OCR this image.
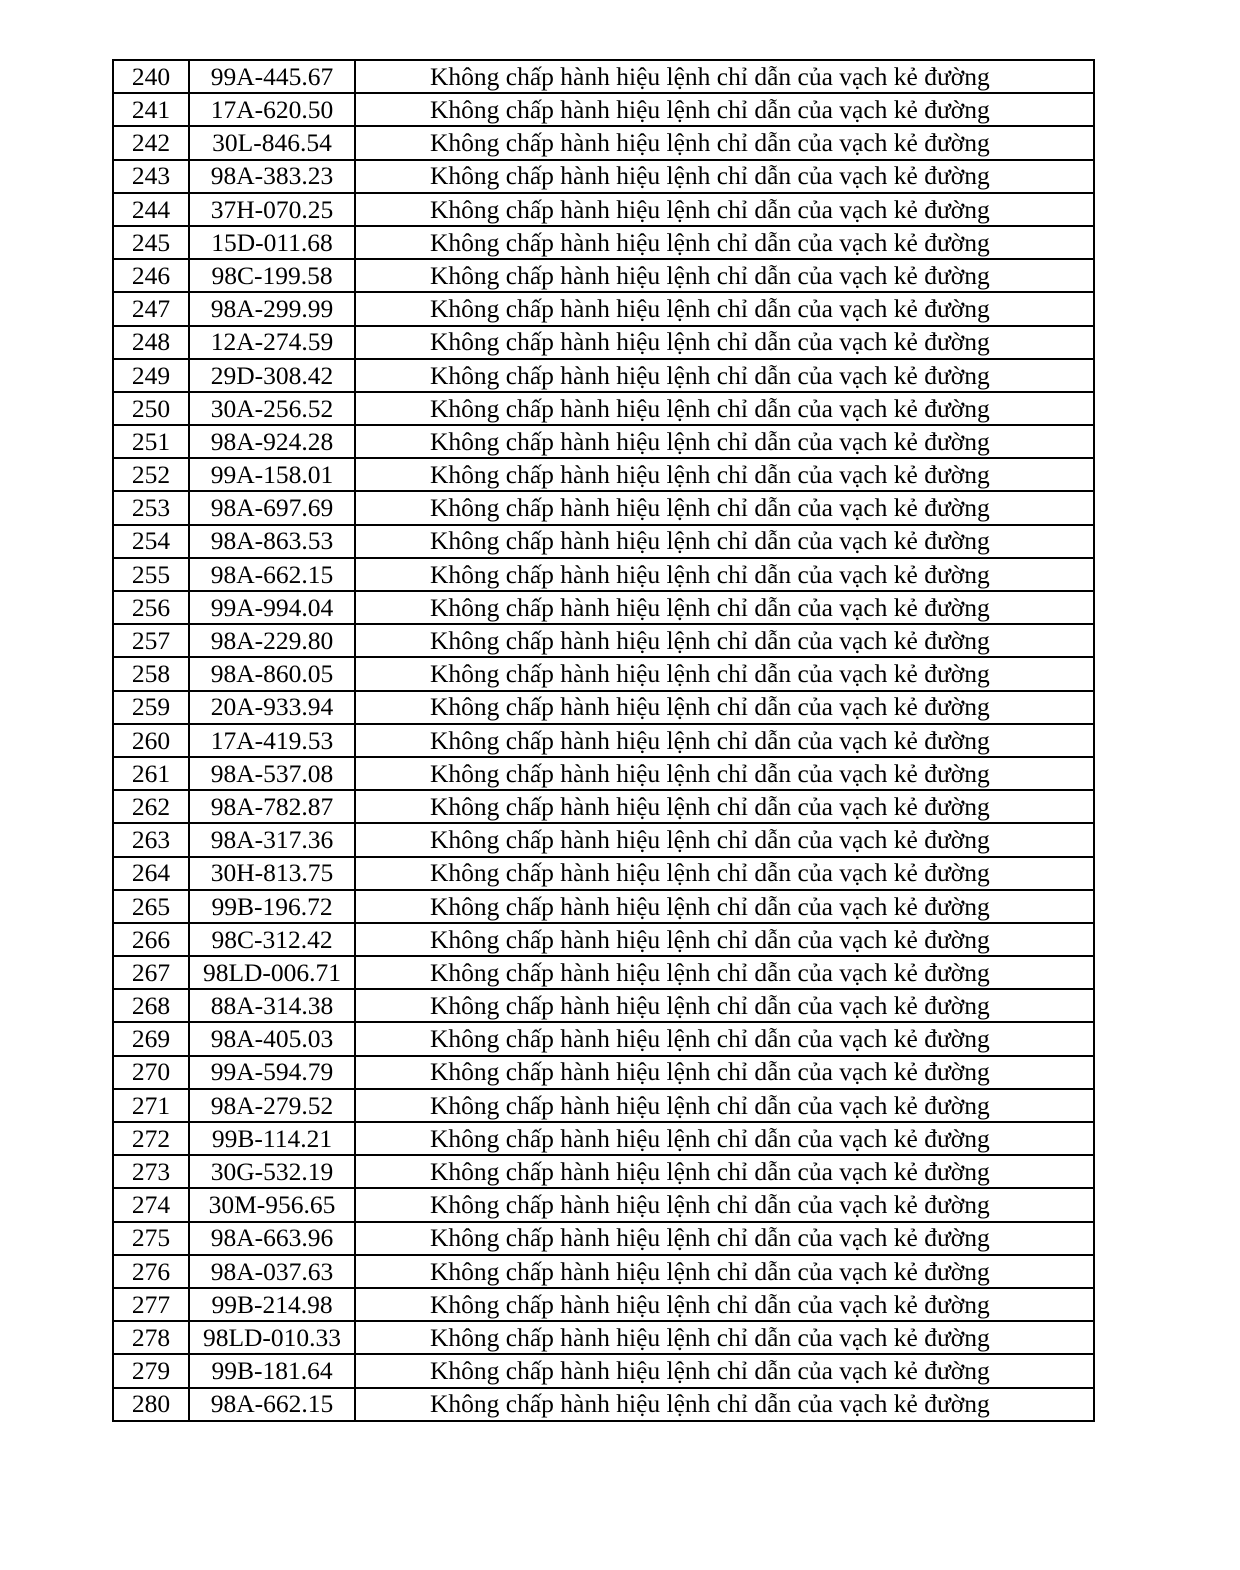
240	99A-445.67	Không chấp hành hiệu lệnh chỉ dẫn của vạch kẻ đường
241	17A-620.50	Không chấp hành hiệu lệnh chỉ dẫn của vạch kẻ đường
242	30L-846.54	Không chấp hành hiệu lệnh chỉ dẫn của vạch kẻ đường
243	98A-383.23	Không chấp hành hiệu lệnh chỉ dẫn của vạch kẻ đường
244	37H-070.25	Không chấp hành hiệu lệnh chỉ dẫn của vạch kẻ đường
245	15D-011.68	Không chấp hành hiệu lệnh chỉ dẫn của vạch kẻ đường
246	98C-199.58	Không chấp hành hiệu lệnh chỉ dẫn của vạch kẻ đường
247	98A-299.99	Không chấp hành hiệu lệnh chỉ dẫn của vạch kẻ đường
248	12A-274.59	Không chấp hành hiệu lệnh chỉ dẫn của vạch kẻ đường
249	29D-308.42	Không chấp hành hiệu lệnh chỉ dẫn của vạch kẻ đường
250	30A-256.52	Không chấp hành hiệu lệnh chỉ dẫn của vạch kẻ đường
251	98A-924.28	Không chấp hành hiệu lệnh chỉ dẫn của vạch kẻ đường
252	99A-158.01	Không chấp hành hiệu lệnh chỉ dẫn của vạch kẻ đường
253	98A-697.69	Không chấp hành hiệu lệnh chỉ dẫn của vạch kẻ đường
254	98A-863.53	Không chấp hành hiệu lệnh chỉ dẫn của vạch kẻ đường
255	98A-662.15	Không chấp hành hiệu lệnh chỉ dẫn của vạch kẻ đường
256	99A-994.04	Không chấp hành hiệu lệnh chỉ dẫn của vạch kẻ đường
257	98A-229.80	Không chấp hành hiệu lệnh chỉ dẫn của vạch kẻ đường
258	98A-860.05	Không chấp hành hiệu lệnh chỉ dẫn của vạch kẻ đường
259	20A-933.94	Không chấp hành hiệu lệnh chỉ dẫn của vạch kẻ đường
260	17A-419.53	Không chấp hành hiệu lệnh chỉ dẫn của vạch kẻ đường
261	98A-537.08	Không chấp hành hiệu lệnh chỉ dẫn của vạch kẻ đường
262	98A-782.87	Không chấp hành hiệu lệnh chỉ dẫn của vạch kẻ đường
263	98A-317.36	Không chấp hành hiệu lệnh chỉ dẫn của vạch kẻ đường
264	30H-813.75	Không chấp hành hiệu lệnh chỉ dẫn của vạch kẻ đường
265	99B-196.72	Không chấp hành hiệu lệnh chỉ dẫn của vạch kẻ đường
266	98C-312.42	Không chấp hành hiệu lệnh chỉ dẫn của vạch kẻ đường
267	98LD-006.71	Không chấp hành hiệu lệnh chỉ dẫn của vạch kẻ đường
268	88A-314.38	Không chấp hành hiệu lệnh chỉ dẫn của vạch kẻ đường
269	98A-405.03	Không chấp hành hiệu lệnh chỉ dẫn của vạch kẻ đường
270	99A-594.79	Không chấp hành hiệu lệnh chỉ dẫn của vạch kẻ đường
271	98A-279.52	Không chấp hành hiệu lệnh chỉ dẫn của vạch kẻ đường
272	99B-114.21	Không chấp hành hiệu lệnh chỉ dẫn của vạch kẻ đường
273	30G-532.19	Không chấp hành hiệu lệnh chỉ dẫn của vạch kẻ đường
274	30M-956.65	Không chấp hành hiệu lệnh chỉ dẫn của vạch kẻ đường
275	98A-663.96	Không chấp hành hiệu lệnh chỉ dẫn của vạch kẻ đường
276	98A-037.63	Không chấp hành hiệu lệnh chỉ dẫn của vạch kẻ đường
277	99B-214.98	Không chấp hành hiệu lệnh chỉ dẫn của vạch kẻ đường
278	98LD-010.33	Không chấp hành hiệu lệnh chỉ dẫn của vạch kẻ đường
279	99B-181.64	Không chấp hành hiệu lệnh chỉ dẫn của vạch kẻ đường
280	98A-662.15	Không chấp hành hiệu lệnh chỉ dẫn của vạch kẻ đường
